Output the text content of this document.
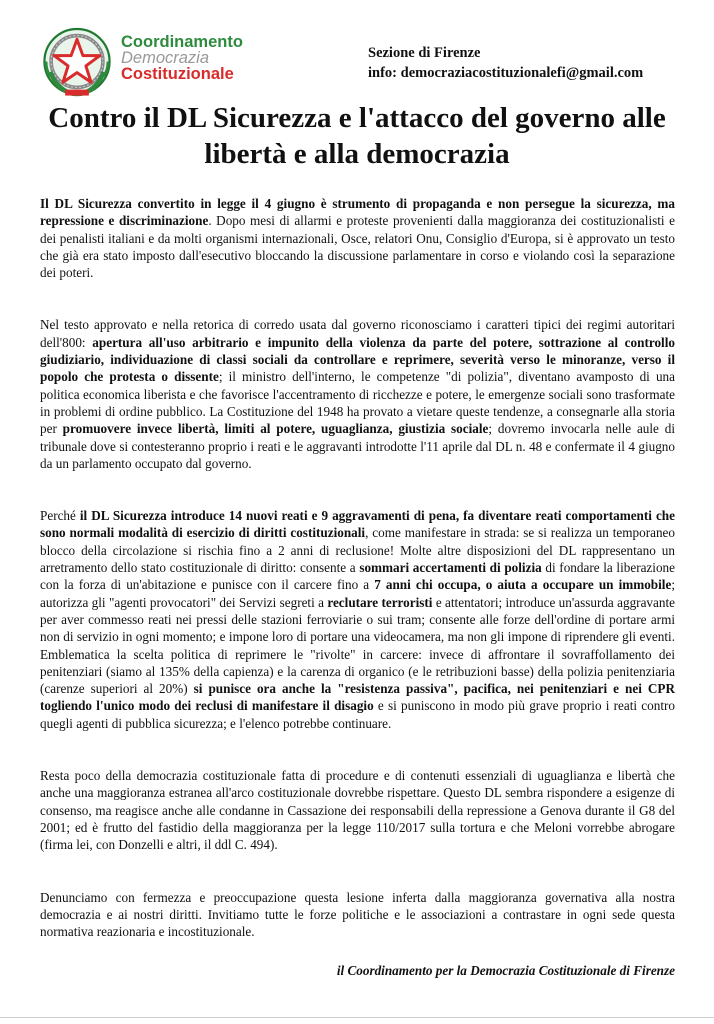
Coordinamento
Democrazia
Costituzionale
Sezione di Firenze
info: democraziacostituzionalefi@gmail.com
Contro il DL Sicurezza e l'attacco del governo alle libertà e alla democrazia

Il DL Sicurezza convertito in legge il 4 giugno è strumento di propaganda e non persegue la sicurezza, ma repressione e discriminazione. Dopo mesi di allarmi e proteste provenienti dalla maggioranza dei costituzionalisti e dei penalisti italiani e da molti organismi internazionali, Osce, relatori Onu, Consiglio d'Europa, si è approvato un testo che già era stato imposto dall'esecutivo bloccando la discussione parlamentare in corso e violando così la separazione dei poteri.

Nel testo approvato e nella retorica di corredo usata dal governo riconosciamo i caratteri tipici dei regimi autoritari dell'800: apertura all'uso arbitrario e impunito della violenza da parte del potere, sottrazione al controllo giudiziario, individuazione di classi sociali da controllare e reprimere, severità verso le minoranze, verso il popolo che protesta o dissente; il ministro dell'interno, le competenze "di polizia", diventano avamposto di una politica economica liberista e che favorisce l'accentramento di ricchezze e potere, le emergenze sociali sono trasformate in problemi di ordine pubblico. La Costituzione del 1948 ha provato a vietare queste tendenze, a consegnarle alla storia per promuovere invece libertà, limiti al potere, uguaglianza, giustizia sociale; dovremo invocarla nelle aule di tribunale dove si contesteranno proprio i reati e le aggravanti introdotte l'11 aprile dal DL n. 48 e confermate il 4 giugno da un parlamento occupato dal governo.

Perché il DL Sicurezza introduce 14 nuovi reati e 9 aggravamenti di pena, fa diventare reati comportamenti che sono normali modalità di esercizio di diritti costituzionali, come manifestare in strada: se si realizza un temporaneo blocco della circolazione si rischia fino a 2 anni di reclusione! Molte altre disposizioni del DL rappresentano un arretramento dello stato costituzionale di diritto: consente a sommari accertamenti di polizia di fondare la liberazione con la forza di un'abitazione e punisce con il carcere fino a 7 anni chi occupa, o aiuta a occupare un immobile; autorizza gli "agenti provocatori" dei Servizi segreti a reclutare terroristi e attentatori; introduce un'assurda aggravante per aver commesso reati nei pressi delle stazioni ferroviarie o sui tram; consente alle forze dell'ordine di portare armi non di servizio in ogni momento; e impone loro di portare una videocamera, ma non gli impone di riprendere gli eventi. Emblematica la scelta politica di reprimere le "rivolte" in carcere: invece di affrontare il sovraffollamento dei penitenziari (siamo al 135% della capienza) e la carenza di organico (e le retribuzioni basse) della polizia penitenziaria (carenze superiori al 20%) si punisce ora anche la "resistenza passiva", pacifica, nei penitenziari e nei CPR togliendo l'unico modo dei reclusi di manifestare il disagio e si puniscono in modo più grave proprio i reati contro quegli agenti di pubblica sicurezza; e l'elenco potrebbe continuare.

Resta poco della democrazia costituzionale fatta di procedure e di contenuti essenziali di uguaglianza e libertà che anche una maggioranza estranea all'arco costituzionale dovrebbe rispettare. Questo DL sembra rispondere a esigenze di consenso, ma reagisce anche alle condanne in Cassazione dei responsabili della repressione a Genova durante il G8 del 2001; ed è frutto del fastidio della maggioranza per la legge 110/2017 sulla tortura e che Meloni vorrebbe abrogare (firma lei, con Donzelli e altri, il ddl C. 494).

Denunciamo con fermezza e preoccupazione questa lesione inferta dalla maggioranza governativa alla nostra democrazia e ai nostri diritti. Invitiamo tutte le forze politiche e le associazioni a contrastare in ogni sede questa normativa reazionaria e incostituzionale.

il Coordinamento per la Democrazia Costituzionale di Firenze
